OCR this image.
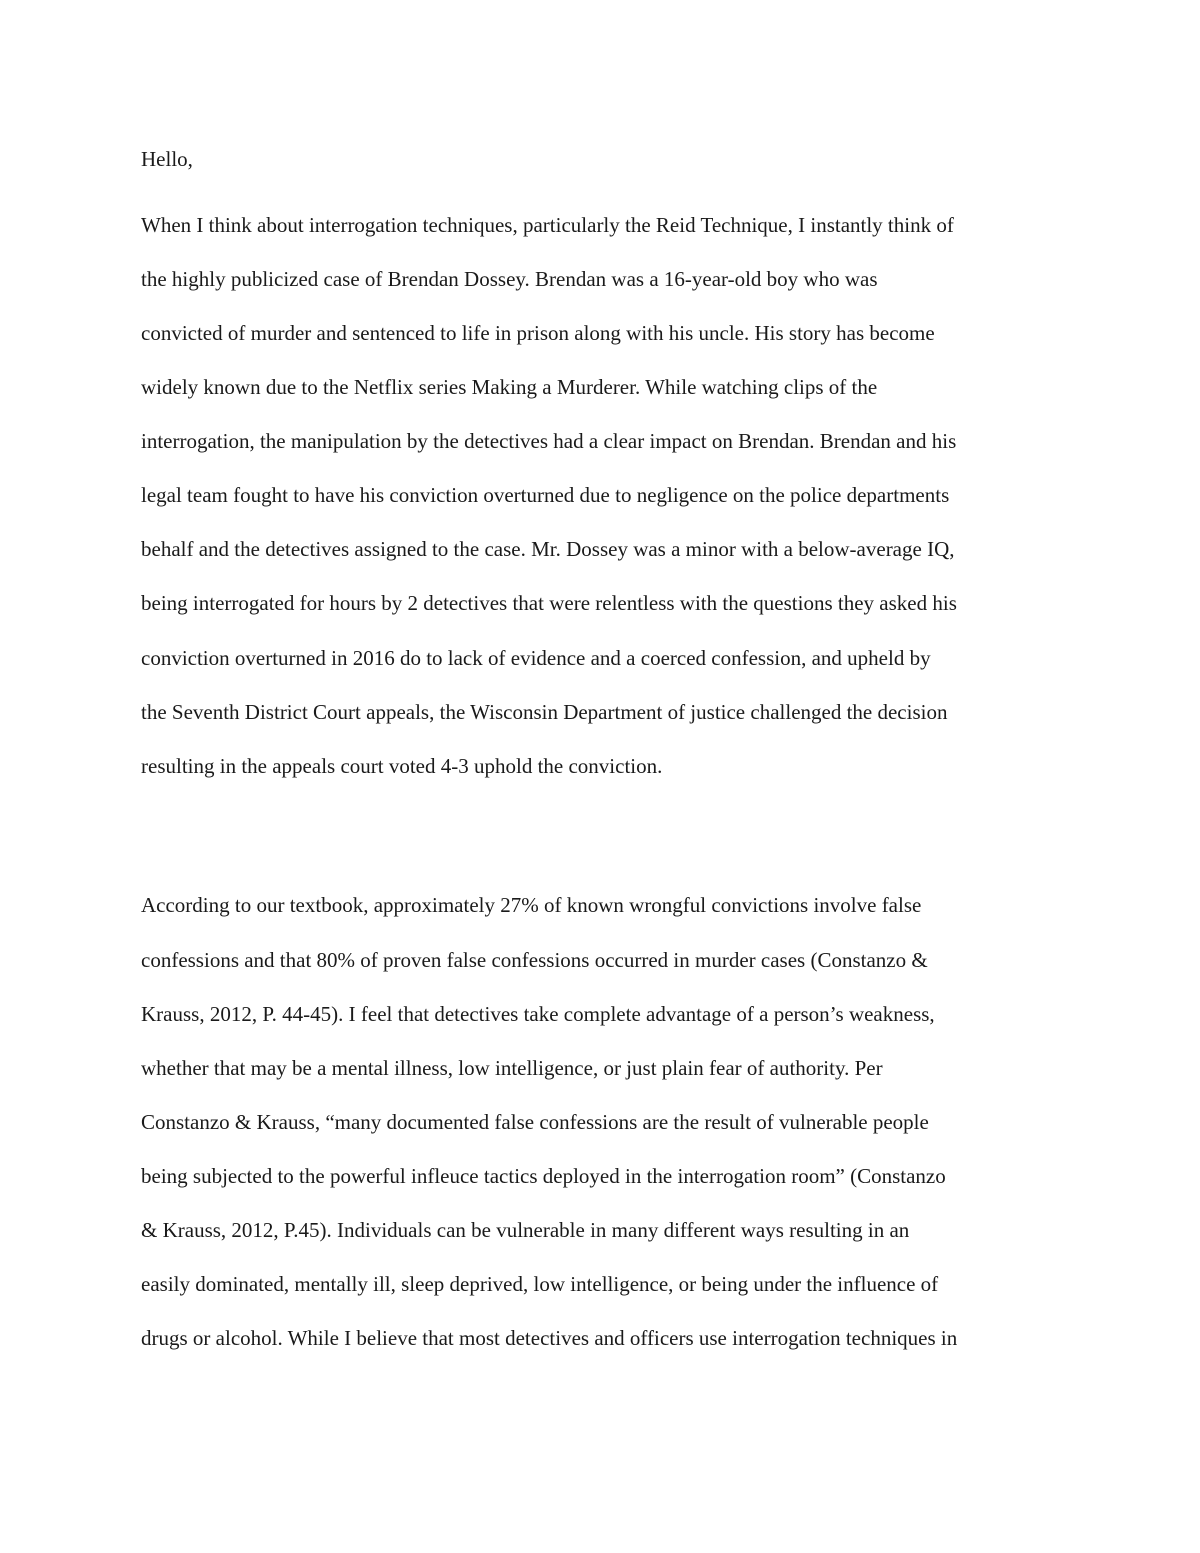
Hello,

When I think about interrogation techniques, particularly the Reid Technique, I instantly think of

the highly publicized case of Brendan Dossey. Brendan was a 16-year-old boy who was

convicted of murder and sentenced to life in prison along with his uncle. His story has become

widely known due to the Netflix series Making a Murderer. While watching clips of the

interrogation, the manipulation by the detectives had a clear impact on Brendan. Brendan and his

legal team fought to have his conviction overturned due to negligence on the police departments

behalf and the detectives assigned to the case. Mr. Dossey was a minor with a below-average IQ,

being interrogated for hours by 2 detectives that were relentless with the questions they asked his

conviction overturned in 2016 do to lack of evidence and a coerced confession, and upheld by

the Seventh District Court appeals, the Wisconsin Department of justice challenged the decision

resulting in the appeals court voted 4-3 uphold the conviction.

According to our textbook, approximately 27% of known wrongful convictions involve false

confessions and that 80% of proven false confessions occurred in murder cases (Constanzo &

Krauss, 2012, P. 44-45). I feel that detectives take complete advantage of a person’s weakness,

whether that may be a mental illness, low intelligence, or just plain fear of authority. Per

Constanzo & Krauss, “many documented false confessions are the result of vulnerable people

being subjected to the powerful infleuce tactics deployed in the interrogation room” (Constanzo

& Krauss, 2012, P.45). Individuals can be vulnerable in many different ways resulting in an

easily dominated, mentally ill, sleep deprived, low intelligence, or being under the influence of

drugs or alcohol. While I believe that most detectives and officers use interrogation techniques in
